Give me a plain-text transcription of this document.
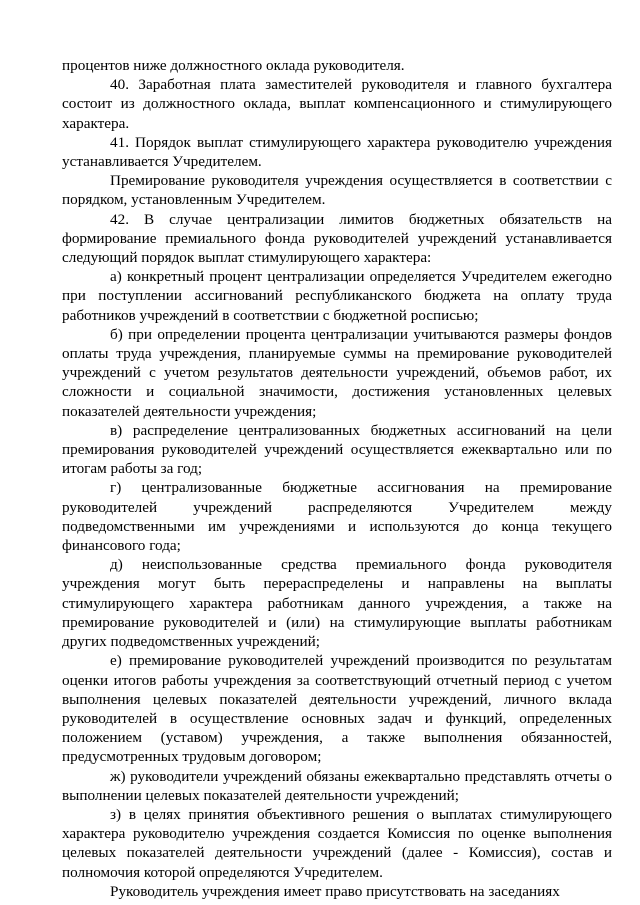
процентов ниже должностного оклада руководителя.

40. Заработная плата заместителей руководителя и главного бухгалтера состоит из должностного оклада, выплат компенсационного и стимулирующего характера.

41. Порядок выплат стимулирующего характера руководителю учреждения устанавливается Учредителем.

Премирование руководителя учреждения осуществляется в соответствии с порядком, установленным Учредителем.

42. В случае централизации лимитов бюджетных обязательств на формирование премиального фонда руководителей учреждений устанавливается следующий порядок выплат стимулирующего характера:

а) конкретный процент централизации определяется Учредителем ежегодно при поступлении ассигнований республиканского бюджета на оплату труда работников учреждений в соответствии с бюджетной росписью;

б) при определении процента централизации учитываются размеры фондов оплаты труда учреждения, планируемые суммы на премирование руководителей учреждений с учетом результатов деятельности учреждений, объемов работ, их сложности и социальной значимости, достижения установленных целевых показателей деятельности учреждения;

в) распределение централизованных бюджетных ассигнований на цели премирования руководителей учреждений осуществляется ежеквартально или по итогам работы за год;

г) централизованные бюджетные ассигнования на премирование руководителей учреждений распределяются Учредителем между подведомственными им учреждениями и используются до конца текущего финансового года;

д) неиспользованные средства премиального фонда руководителя учреждения могут быть перераспределены и направлены на выплаты стимулирующего характера работникам данного учреждения, а также на премирование руководителей и (или) на стимулирующие выплаты работникам других подведомственных учреждений;

е) премирование руководителей учреждений производится по результатам оценки итогов работы учреждения за соответствующий отчетный период с учетом выполнения целевых показателей деятельности учреждений, личного вклада руководителей в осуществление основных задач и функций, определенных положением (уставом) учреждения, а также выполнения обязанностей, предусмотренных трудовым договором;

ж) руководители учреждений обязаны ежеквартально представлять отчеты о выполнении целевых показателей деятельности учреждений;

з) в целях принятия объективного решения о выплатах стимулирующего характера руководителю учреждения создается Комиссия по оценке выполнения целевых показателей деятельности учреждений (далее - Комиссия), состав и полномочия которой определяются Учредителем.

Руководитель учреждения имеет право присутствовать на заседаниях
